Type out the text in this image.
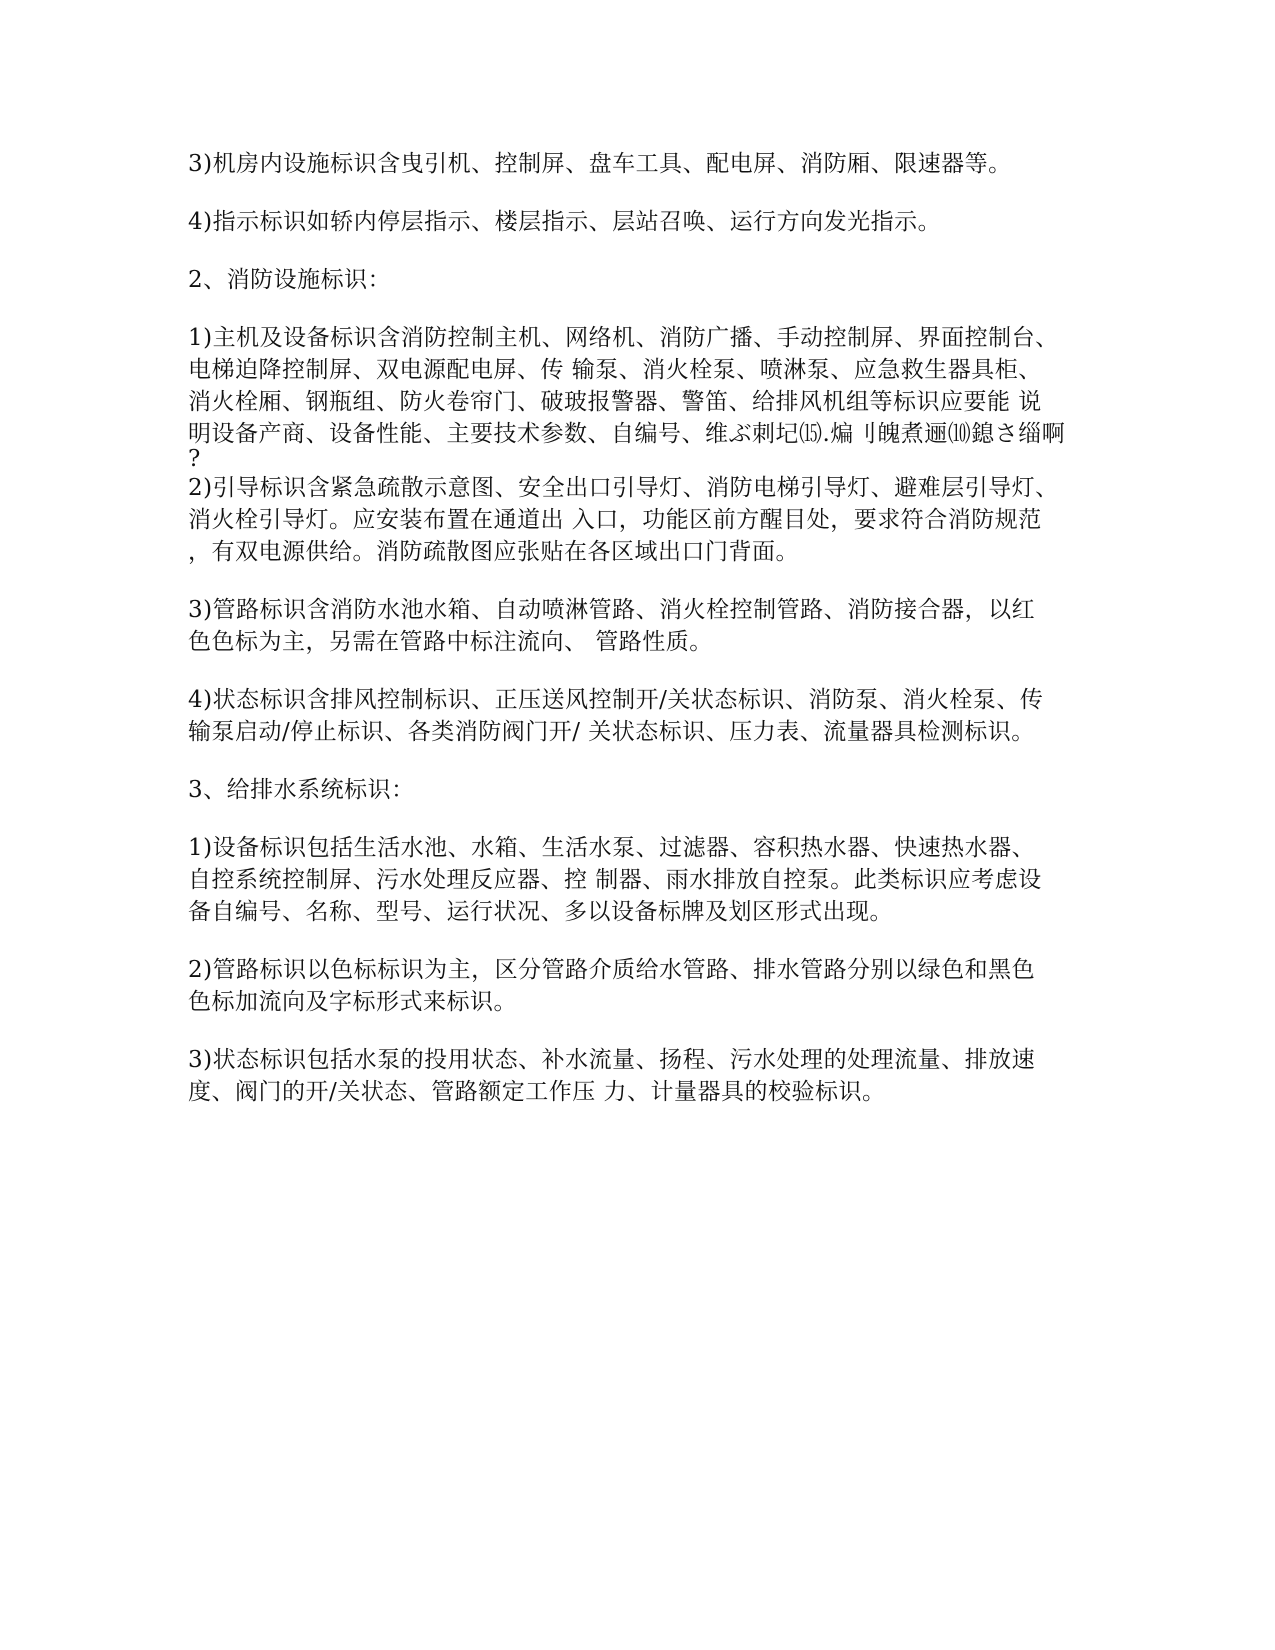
3)机房内设施标识含曳引机、控制屏、盘车工具、配电屏、消防厢、限速器等。

4)指示标识如轿内停层指示、楼层指示、层站召唤、运行方向发光指示。

2、消防设施标识：

1)主机及设备标识含消防控制主机、网络机、消防广播、手动控制屏、界面控制台、
电梯迫降控制屏、双电源配电屏、传 输泵、消火栓泵、喷淋泵、应急救生器具柜、
消火栓厢、钢瓶组、防火卷帘门、破玻报警器、警笛、给排风机组等标识应要能 说
明设备产商、设备性能、主要技术参数、自编号、维ぶ刺圮⒂.煸刂魄煮逦⑽鎴さ缁啊
?

2)引导标识含紧急疏散示意图、安全出口引导灯、消防电梯引导灯、避难层引导灯、
消火栓引导灯。应安装布置在通道出 入口，功能区前方醒目处，要求符合消防规范
，有双电源供给。消防疏散图应张贴在各区域出口门背面。

3)管路标识含消防水池水箱、自动喷淋管路、消火栓控制管路、消防接合器，以红
色色标为主，另需在管路中标注流向、 管路性质。

4)状态标识含排风控制标识、正压送风控制开/关状态标识、消防泵、消火栓泵、传
输泵启动/停止标识、各类消防阀门开/ 关状态标识、压力表、流量器具检测标识。

3、给排水系统标识：

1)设备标识包括生活水池、水箱、生活水泵、过滤器、容积热水器、快速热水器、
自控系统控制屏、污水处理反应器、控 制器、雨水排放自控泵。此类标识应考虑设
备自编号、名称、型号、运行状况、多以设备标牌及划区形式出现。

2)管路标识以色标标识为主，区分管路介质给水管路、排水管路分别以绿色和黑色
色标加流向及字标形式来标识。

3)状态标识包括水泵的投用状态、补水流量、扬程、污水处理的处理流量、排放速
度、阀门的开/关状态、管路额定工作压 力、计量器具的校验标识。
